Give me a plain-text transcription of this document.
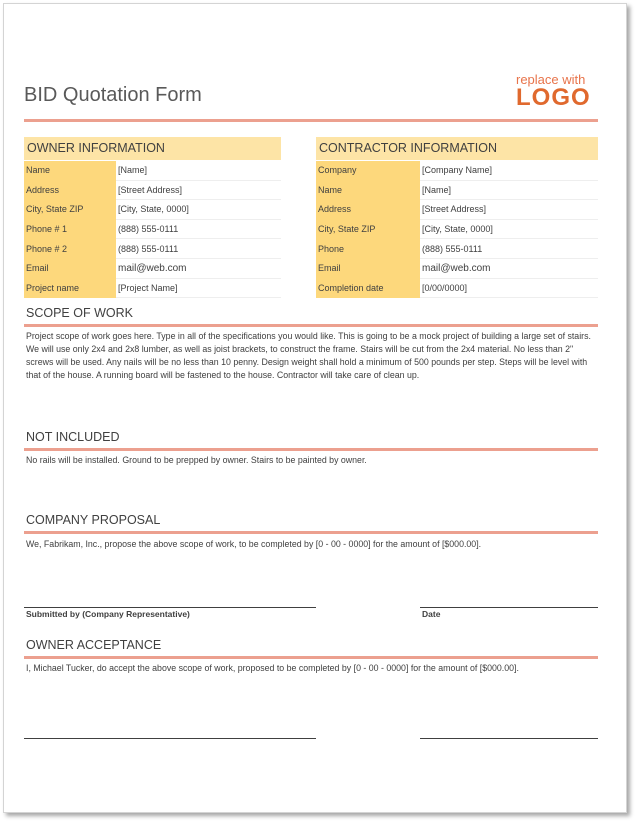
BID Quotation Form
replace with
LOGO
OWNER INFORMATION
Name	[Name]
Address	[Street Address]
City, State ZIP	[City, State, 0000]
Phone # 1	(888) 555-0111
Phone # 2	(888) 555-0111
Email	mail@web.com
Project name	[Project Name]
CONTRACTOR INFORMATION
Company	[Company Name]
Name	[Name]
Address	[Street Address]
City, State ZIP	[City, State, 0000]
Phone	(888) 555-0111
Email	mail@web.com
Completion date	[0/00/0000]
SCOPE OF WORK
Project scope of work goes here. Type in all of the specifications you would like. This is going to be a mock project of building a large set of stairs. We will use only 2x4 and 2x8 lumber, as well as joist brackets, to construct the frame. Stairs will be cut from the 2x4 material. No less than 2" screws will be used. Any nails will be no less than 10 penny. Design weight shall hold a minimum of 500 pounds per step. Steps will be level with that of the house. A running board will be fastened to the house. Contractor will take care of clean up.
NOT INCLUDED
No rails will be installed. Ground to be prepped by owner. Stairs to be painted by owner.
COMPANY PROPOSAL
We, Fabrikam, Inc., propose the above scope of work, to be completed by [0 - 00 - 0000] for the amount of [$000.00].
Submitted by (Company Representative)	Date
OWNER ACCEPTANCE
I, Michael Tucker, do accept the above scope of work, proposed to be completed by [0 - 00 - 0000] for the amount of [$000.00].
